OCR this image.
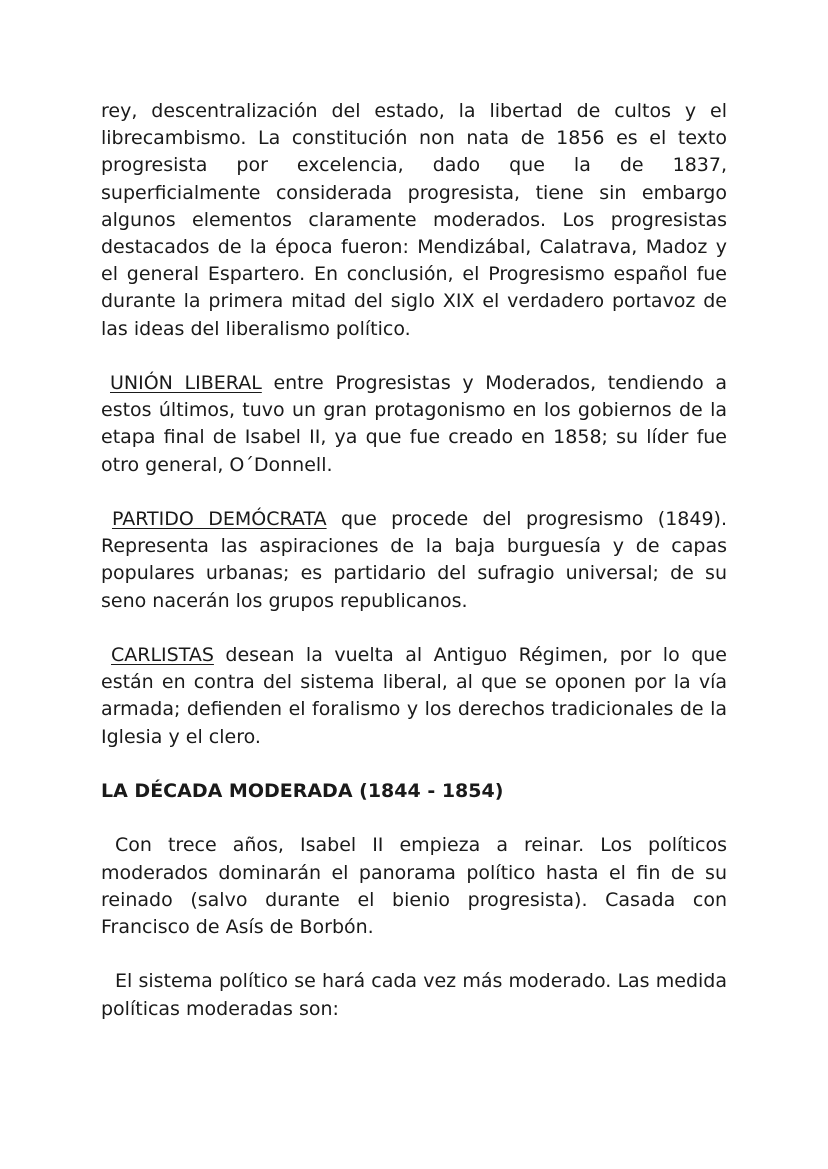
rey, descentralización del estado, la libertad de cultos y el librecambismo. La constitución non nata de 1856 es el texto progresista por excelencia, dado que la de 1837, superficialmente considerada progresista, tiene sin embargo algunos elementos claramente moderados. Los progresistas destacados de la época fueron: Mendizábal, Calatrava, Madoz y el general Espartero. En conclusión, el Progresismo español fue durante la primera mitad del siglo XIX el verdadero portavoz de las ideas del liberalismo político.

UNIÓN LIBERAL entre Progresistas y Moderados, tendiendo a estos últimos, tuvo un gran protagonismo en los gobiernos de la etapa final de Isabel II, ya que fue creado en 1858; su líder fue otro general, O´Donnell.

PARTIDO DEMÓCRATA que procede del progresismo (1849). Representa las aspiraciones de la baja burguesía y de capas populares urbanas; es partidario del sufragio universal; de su seno nacerán los grupos republicanos.

CARLISTAS desean la vuelta al Antiguo Régimen, por lo que están en contra del sistema liberal, al que se oponen por la vía armada; defienden el foralismo y los derechos tradicionales de la Iglesia y el clero.

LA DÉCADA MODERADA (1844 - 1854)

Con trece años, Isabel II empieza a reinar. Los políticos moderados dominarán el panorama político hasta el fin de su reinado (salvo durante el bienio progresista). Casada con Francisco de Asís de Borbón.

El sistema político se hará cada vez más moderado. Las medida políticas moderadas son:
